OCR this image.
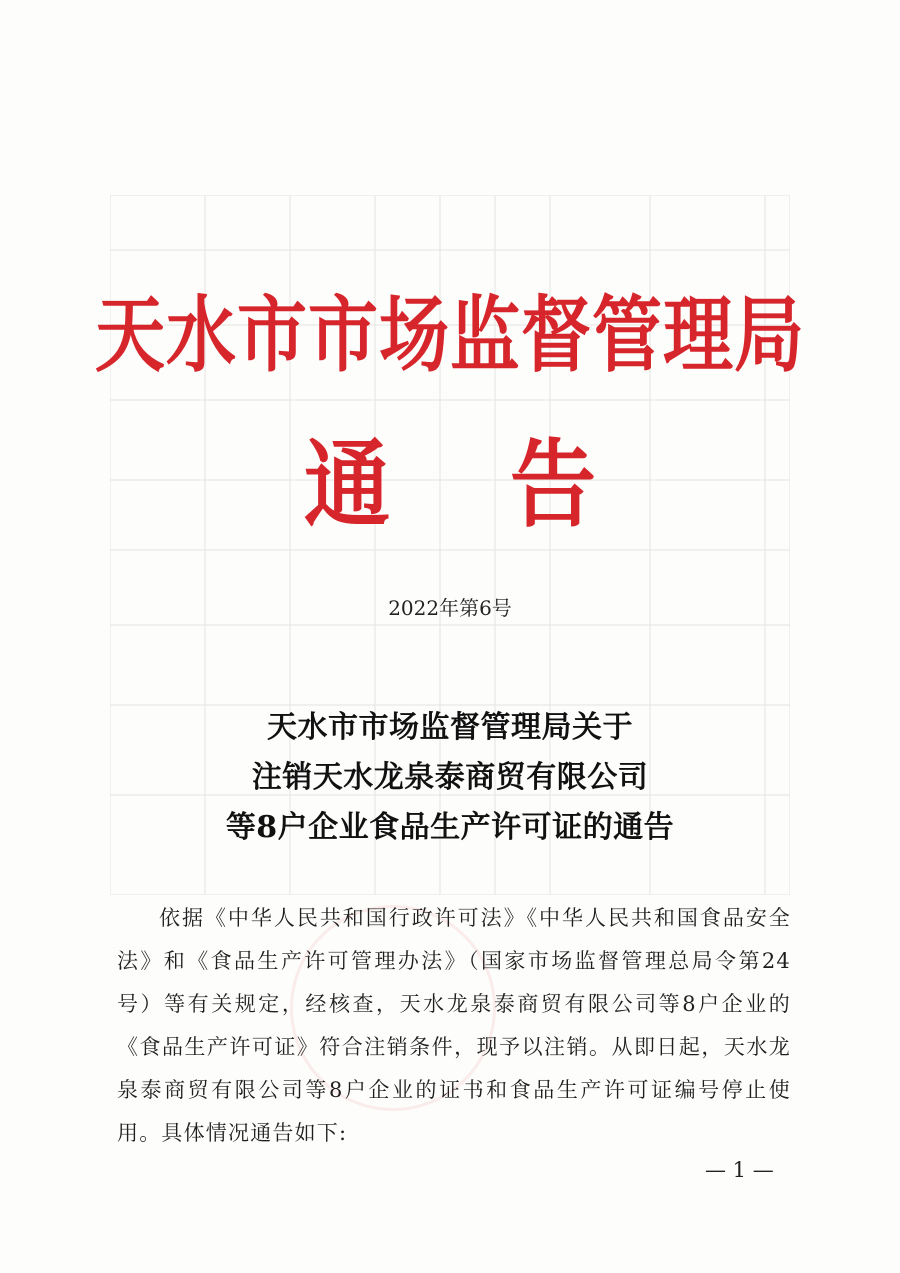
天水市市场监督管理局
通告
2022年第6号
天水市市场监督管理局关于
注销天水龙泉泰商贸有限公司
等8户企业食品生产许可证的通告
依据《中华人民共和国行政许可法》《中华人民共和国食品安全法》和《食品生产许可管理办法》（国家市场监督管理总局令第24号）等有关规定，经核查，天水龙泉泰商贸有限公司等8户企业的《食品生产许可证》符合注销条件，现予以注销。从即日起，天水龙泉泰商贸有限公司等8户企业的证书和食品生产许可证编号停止使用。具体情况通告如下:
— 1 —
